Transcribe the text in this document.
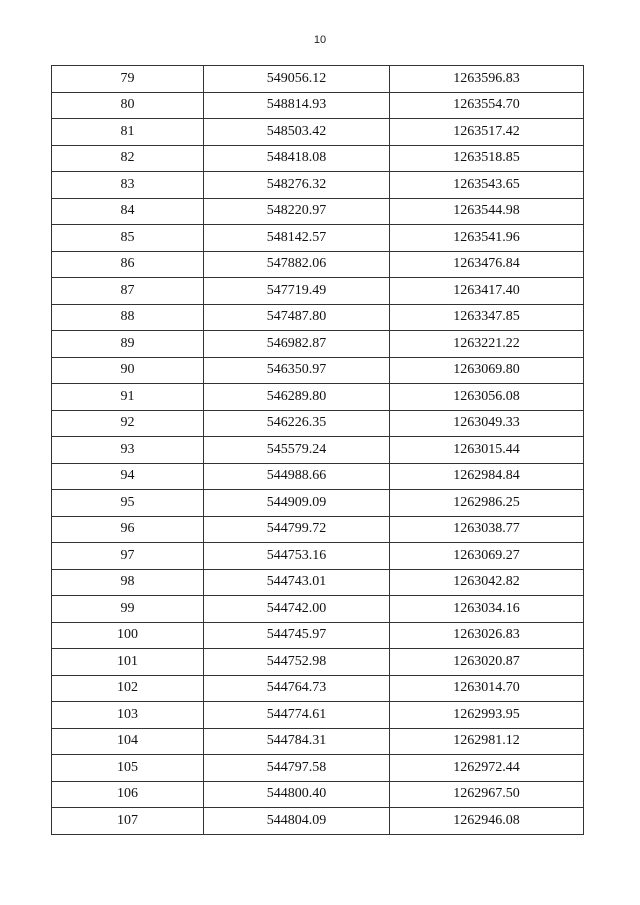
10
79	549056.12	1263596.83
80	548814.93	1263554.70
81	548503.42	1263517.42
82	548418.08	1263518.85
83	548276.32	1263543.65
84	548220.97	1263544.98
85	548142.57	1263541.96
86	547882.06	1263476.84
87	547719.49	1263417.40
88	547487.80	1263347.85
89	546982.87	1263221.22
90	546350.97	1263069.80
91	546289.80	1263056.08
92	546226.35	1263049.33
93	545579.24	1263015.44
94	544988.66	1262984.84
95	544909.09	1262986.25
96	544799.72	1263038.77
97	544753.16	1263069.27
98	544743.01	1263042.82
99	544742.00	1263034.16
100	544745.97	1263026.83
101	544752.98	1263020.87
102	544764.73	1263014.70
103	544774.61	1262993.95
104	544784.31	1262981.12
105	544797.58	1262972.44
106	544800.40	1262967.50
107	544804.09	1262946.08
